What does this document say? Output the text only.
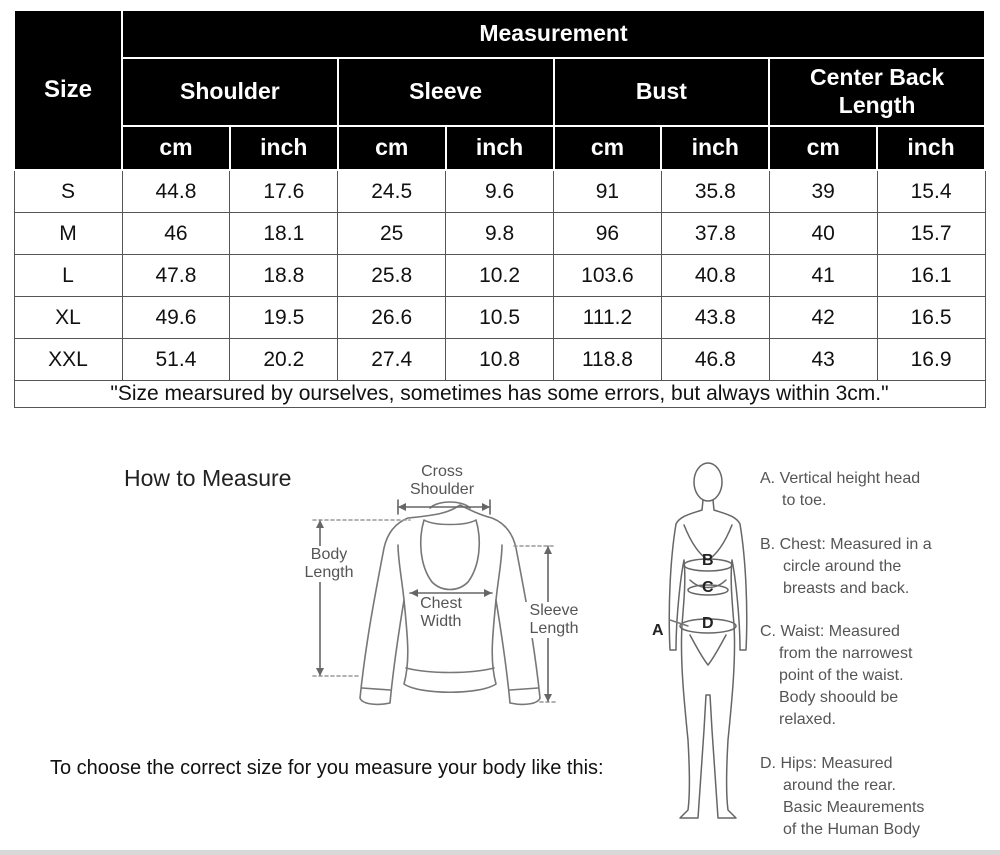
Size	Measurement							
	Shoulder		Sleeve		Bust		Center Back Length	
	cm	inch	cm	inch	cm	inch	cm	inch
S	44.8	17.6	24.5	9.6	91	35.8	39	15.4
M	46	18.1	25	9.8	96	37.8	40	15.7
L	47.8	18.8	25.8	10.2	103.6	40.8	41	16.1
XL	49.6	19.5	26.6	10.5	111.2	43.8	42	16.5
XXL	51.4	20.2	27.4	10.8	118.8	46.8	43	16.9
"Size mearsured by ourselves, sometimes has some errors, but always within 3cm."								
How to Measure	Cross
Shoulder
Body
Length
Chest
Width
Sleeve
Length	A
B
C
D
A. Vertical height head
to toe.
B. Chest: Measured in a
circle around the
breasts and back.
C. Waist: Measured
from the narrowest
point of the waist.
Body shoould be
relaxed.
D. Hips: Measured
around the rear.
Basic Meaurements
of the Human Body
To choose the correct size for you measure your body like this:
